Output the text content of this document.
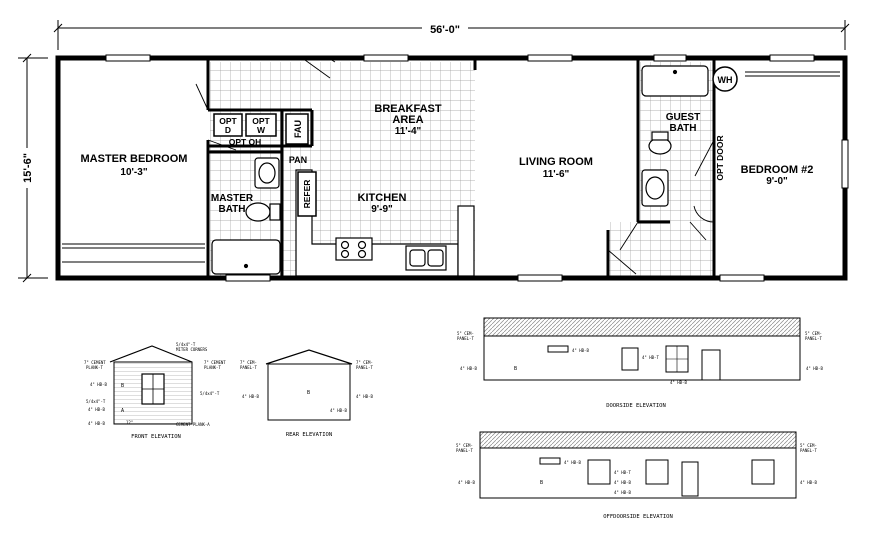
56'-0"
15'-6"	MASTER BEDROOM
10'-3"
BREAKFAST
AREA
11'-4"
KITCHEN
9'-9"
LIVING ROOM
11'-6"
GUEST
BATH
BEDROOM #2
9'-0"
MASTER
BATH
OPT
D
OPT
W
OPT OH
FAU
PAN
REFER
WH
OPT DOOR
5/4x4"-T
MITER CORNERS
7" CEMENT
PLANK-T
7" CEMENT
PLANK-T
4" HB-B
5/4x4"-T
5/4x4"-T
4" HB-B
4" HB-B	CEMENT PLANK-A
12"
B
A
FRONT ELEVATION
7" CEM-
PANEL-T
7" CEM-
PANEL-T
4" HB-B	4" HB-B
4" HB-B
B
REAR ELEVATION
5" CEM-
PANEL-T
5" CEM-
PANEL-T
4" HB-B	4" HB-B
4" HB-B
4" HB-T
4" HB-B
B
DOORSIDE ELEVATION
5" CEM-
PANEL-T
5" CEM-
PANEL-T
4" HB-B	4" HB-B
4" HB-B
4" HB-T
4" HB-B
4" HB-B
B
OFFDOORSIDE ELEVATION
